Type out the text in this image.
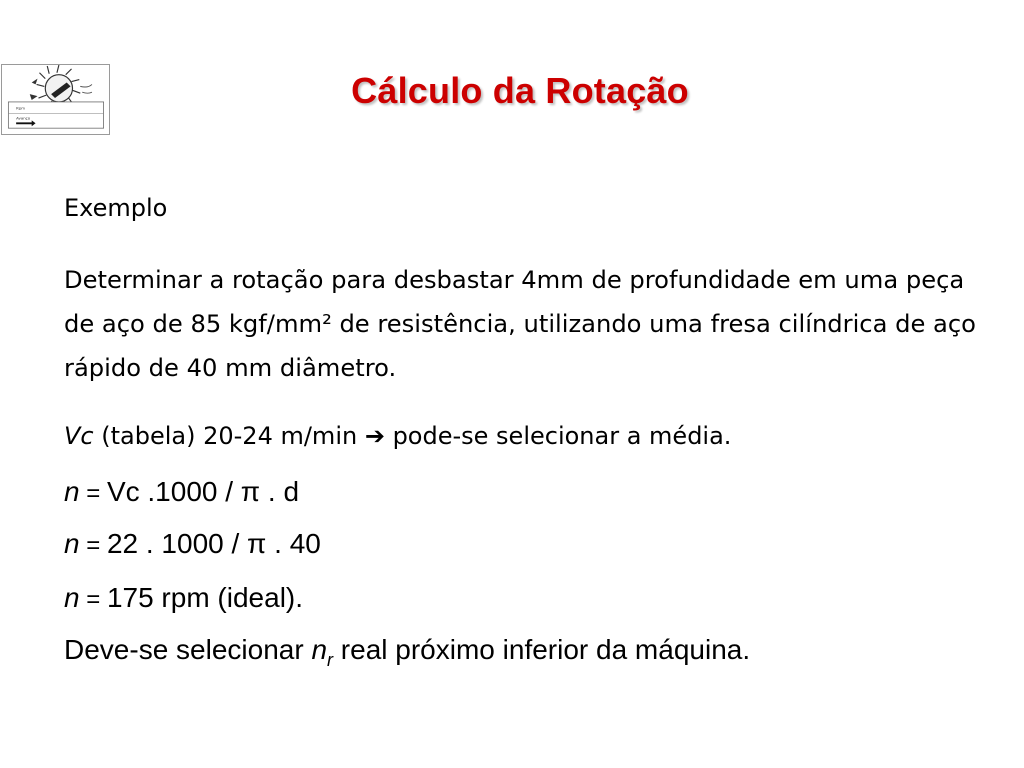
Rpm
Avanço
Cálculo da Rotação
Exemplo
Determinar a rotação para desbastar 4mm de profundidade em uma peça de aço de 85 kgf/mm² de resistência, utilizando uma fresa cilíndrica de aço rápido de 40 mm diâmetro.
Vc (tabela) 20-24 m/min ➔ pode-se selecionar a média.
n = Vc .1000 / π . d
n = 22 . 1000 / π . 40
n = 175 rpm (ideal).
Deve-se selecionar $n_r$ real próximo inferior da máquina.
